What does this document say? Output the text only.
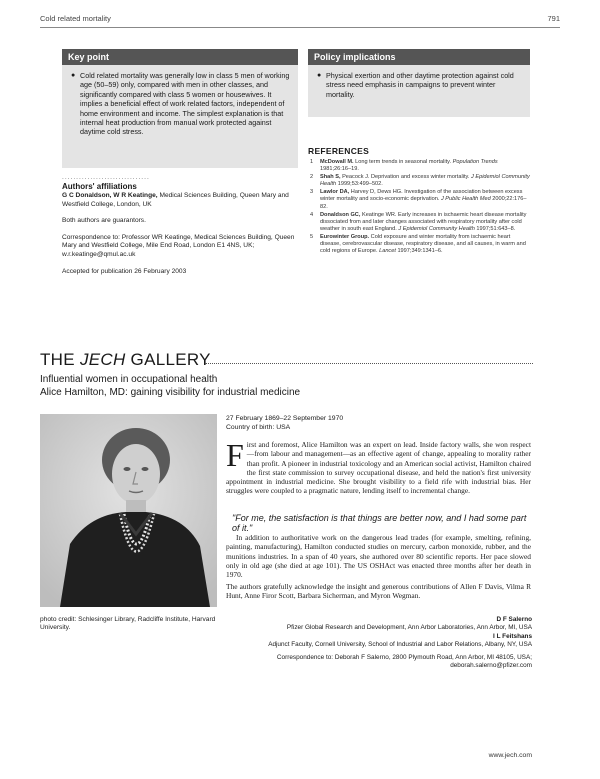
Cold related mortality	791
Key point
● Cold related mortality was generally low in class 5 men of working age (50–59) only, compared with men in other classes, and significantly compared with class 5 women or housewives. It implies a beneficial effect of work related factors, independent of home environment and income. The simplest explanation is that internal heat production from manual work protected against daytime cold stress.
Policy implications
● Physical exertion and other daytime protection against cold stress need emphasis in campaigns to prevent winter mortality.
...............................
Authors' affiliations
G C Donaldson, W R Keatinge, Medical Sciences Building, Queen Mary and Westfield College, London, UK
Both authors are guarantors.
Correspondence to: Professor WR Keatinge, Medical Sciences Building, Queen Mary and Westfield College, Mile End Road, London E1 4NS, UK; w.r.keatinge@qmul.ac.uk
Accepted for publication 26 February 2003
REFERENCES
1 McDowall M. Long term trends in seasonal mortality. Population Trends 1981;26:16–19.
2 Shah S, Peacock J. Deprivation and excess winter mortality. J Epidemiol Community Health 1999;53:499–502.
3 Lawlor DA, Harvey D, Dews HG. Investigation of the association between excess winter mortality and socio-economic deprivation. J Public Health Med 2000;22:176–82.
4 Donaldson GC, Keatinge WR. Early increases in ischaemic heart disease mortality dissociated from and later changes associated with respiratory mortality after cold weather in south east England. J Epidemiol Community Health 1997;51:643–8.
5 Eurowinter Group. Cold exposure and winter mortality from ischaemic heart disease, cerebrovascular disease, respiratory disease, and all causes, in warm and cold regions of Europe. Lancet 1997;349:1341–6.
THE JECH GALLERY
Influential women in occupational health
Alice Hamilton, MD: gaining visibility for industrial medicine
photo credit: Schlesinger Library, Radcliffe Institute, Harvard University.
27 February 1869–22 September 1970
Country of birth: USA
First and foremost, Alice Hamilton was an expert on lead. Inside factory walls, she won respect—from labour and management—as an effective agent of change, appealing to morality rather than profit. A pioneer in industrial toxicology and an American social activist, Hamilton chaired the first state commission to survey occupational disease, and held the nation's first university appointment in industrial medicine. She brought visibility to a field rife with industrial bias. Her struggles were coupled to a pragmatic nature, lending itself to incremental change.
"For me, the satisfaction is that things are better now, and I had some part of it."
In addition to authoritative work on the dangerous lead trades (for example, smelting, refining, painting, manufacturing), Hamilton conducted studies on mercury, carbon monoxide, rubber, and the munitions industries. In a span of 40 years, she authored over 80 scientific reports. Her pace slowed only in old age (she died at age 101). The US OSHAct was enacted three months after her death in 1970.
The authors gratefully acknowledge the insight and generous contributions of Allen F Davis, Vilma R Hunt, Anne Firor Scott, Barbara Sicherman, and Myron Wegman.
D F Salerno
Pfizer Global Research and Development, Ann Arbor Laboratories, Ann Arbor, MI, USA
I L Feitshans
Adjunct Faculty, Cornell University, School of Industrial and Labor Relations, Albany, NY, USA
Correspondence to: Deborah F Salerno, 2800 Plymouth Road, Ann Arbor, MI 48105, USA;
deborah.salerno@pfizer.com
www.jech.com
